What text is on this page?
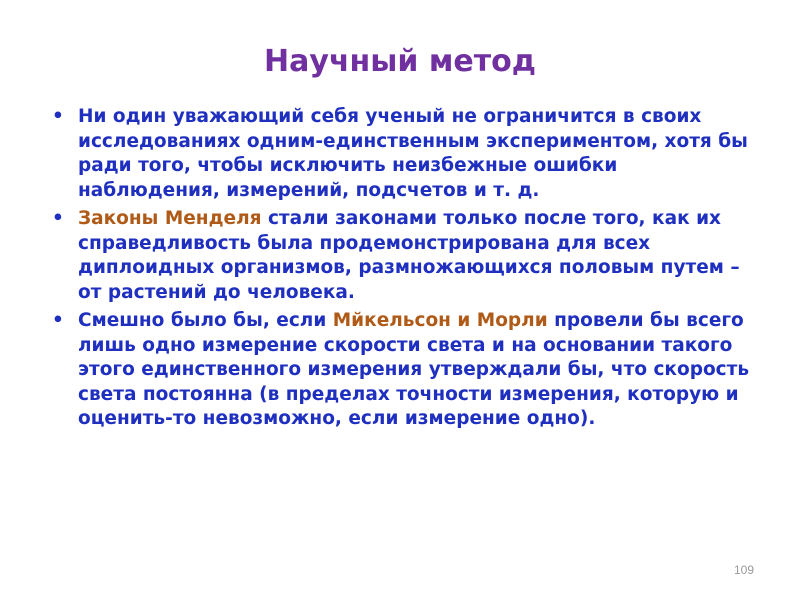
Научный метод
• Ни один уважающий себя ученый не ограничится в своих исследованиях одним-единственным экспериментом, хотя бы ради того, чтобы исключить неизбежные ошибки наблюдения, измерений, подсчетов и т. д.
• Законы Менделя стали законами только после того, как их справедливость была продемонстрирована для всех диплоидных организмов, размножающихся половым путем – от растений до человека.
• Смешно было бы, если Мйкельсон и Морли провели бы всего лишь одно измерение скорости света и на основании такого этого единственного измерения утверждали бы, что скорость света постоянна (в пределах точности измерения, которую и оценить-то невозможно, если измерение одно).
109
